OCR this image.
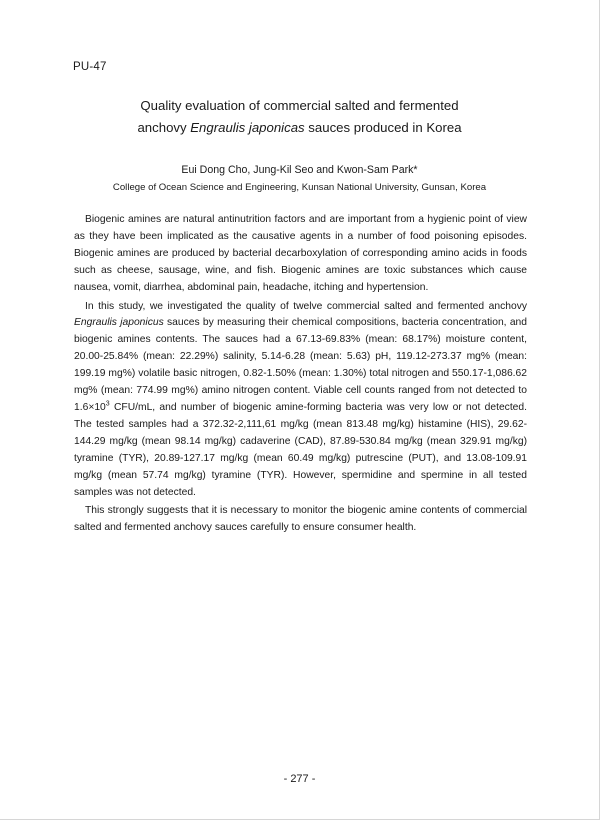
PU-47
Quality evaluation of commercial salted and fermented
anchovy Engraulis japonicas sauces produced in Korea
Eui Dong Cho, Jung-Kil Seo and Kwon-Sam Park*
College of Ocean Science and Engineering, Kunsan National University, Gunsan, Korea

Biogenic amines are natural antinutrition factors and are important from a hygienic point of view as they have been implicated as the causative agents in a number of food poisoning episodes. Biogenic amines are produced by bacterial decarboxylation of corresponding amino acids in foods such as cheese, sausage, wine, and fish. Biogenic amines are toxic substances which cause nausea, vomit, diarrhea, abdominal pain, headache, itching and hypertension.

In this study, we investigated the quality of twelve commercial salted and fermented anchovy Engraulis japonicus sauces by measuring their chemical compositions, bacteria concentration, and biogenic amines contents. The sauces had a 67.13-69.83% (mean: 68.17%) moisture content, 20.00-25.84% (mean: 22.29%) salinity, 5.14-6.28 (mean: 5.63) pH, 119.12-273.37 mg% (mean: 199.19 mg%) volatile basic nitrogen, 0.82-1.50% (mean: 1.30%) total nitrogen and 550.17-1,086.62 mg% (mean: 774.99 mg%) amino nitrogen content. Viable cell counts ranged from not detected to $1.6\times 10^3$ CFU/mL, and number of biogenic amine-forming bacteria was very low or not detected. The tested samples had a 372.32-2,111,61 mg/kg (mean 813.48 mg/kg) histamine (HIS), 29.62-144.29 mg/kg (mean 98.14 mg/kg) cadaverine (CAD), 87.89-530.84 mg/kg (mean 329.91 mg/kg) tyramine (TYR), 20.89-127.17 mg/kg (mean 60.49 mg/kg) putrescine (PUT), and 13.08-109.91 mg/kg (mean 57.74 mg/kg) tyramine (TYR). However, spermidine and spermine in all tested samples was not detected.

This strongly suggests that it is necessary to monitor the biogenic amine contents of commercial salted and fermented anchovy sauces carefully to ensure consumer health.

- 277 -
